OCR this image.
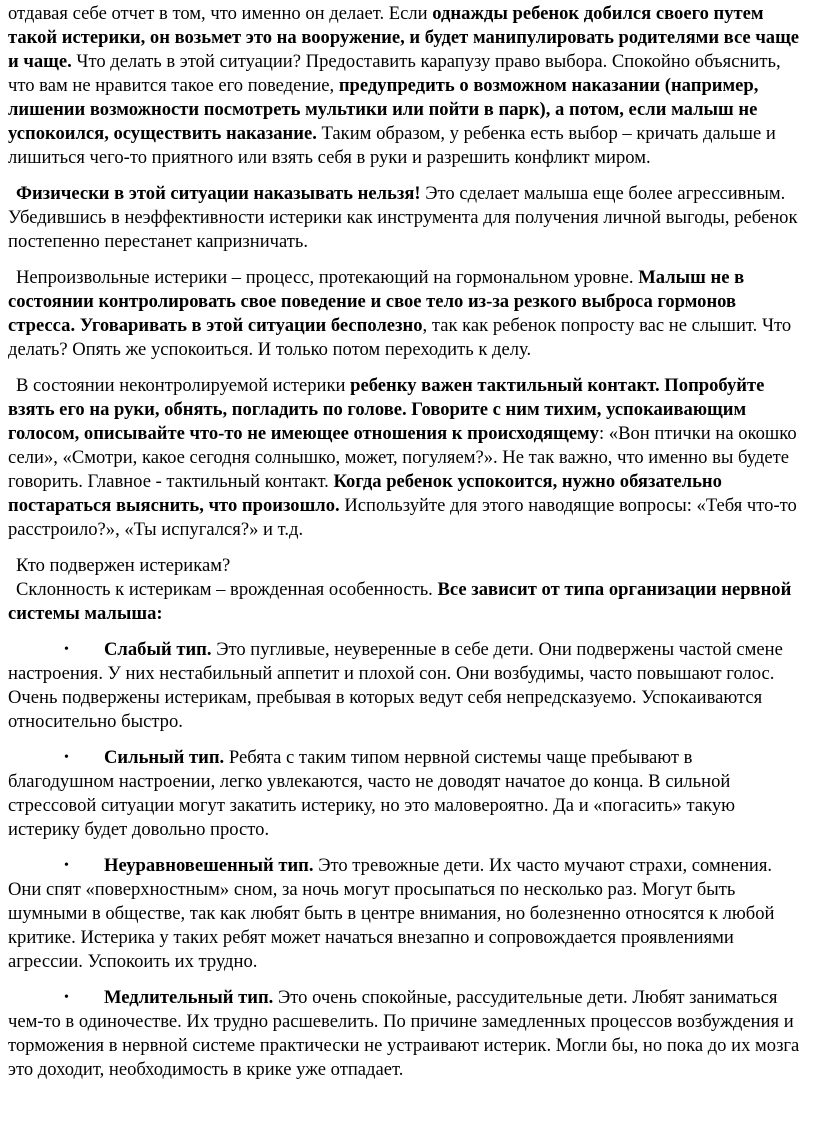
отдавая себе отчет в том, что именно он делает. Если однажды ребенок добился своего путем такой истерики, он возьмет это на вооружение, и будет манипулировать родителями все чаще и чаще. Что делать в этой ситуации? Предоставить карапузу право выбора. Спокойно объяснить, что вам не нравится такое его поведение, предупредить о возможном наказании (например, лишении возможности посмотреть мультики или пойти в парк), а потом, если малыш не успокоился, осуществить наказание. Таким образом, у ребенка есть выбор – кричать дальше и лишиться чего-то приятного или взять себя в руки и разрешить конфликт миром.

Физически в этой ситуации наказывать нельзя! Это сделает малыша еще более агрессивным. Убедившись в неэффективности истерики как инструмента для получения личной выгоды, ребенок постепенно перестанет капризничать.

Непроизвольные истерики – процесс, протекающий на гормональном уровне. Малыш не в состоянии контролировать свое поведение и свое тело из-за резкого выброса гормонов стресса. Уговаривать в этой ситуации бесполезно, так как ребенок попросту вас не слышит. Что делать? Опять же успокоиться. И только потом переходить к делу.

В состоянии неконтролируемой истерики ребенку важен тактильный контакт. Попробуйте взять его на руки, обнять, погладить по голове. Говорите с ним тихим, успокаивающим голосом, описывайте что-то не имеющее отношения к происходящему: «Вон птички на окошко сели», «Смотри, какое сегодня солнышко, может, погуляем?». Не так важно, что именно вы будете говорить. Главное - тактильный контакт. Когда ребенок успокоится, нужно обязательно постараться выяснить, что произошло. Используйте для этого наводящие вопросы: «Тебя что-то расстроило?», «Ты испугался?» и т.д.

Кто подвержен истерикам?

Склонность к истерикам – врожденная особенность. Все зависит от типа организации нервной системы малыша:

• Слабый тип. Это пугливые, неуверенные в себе дети. Они подвержены частой смене настроения. У них нестабильный аппетит и плохой сон. Они возбудимы, часто повышают голос. Очень подвержены истерикам, пребывая в которых ведут себя непредсказуемо. Успокаиваются относительно быстро.
• Сильный тип. Ребята с таким типом нервной системы чаще пребывают в благодушном настроении, легко увлекаются, часто не доводят начатое до конца. В сильной стрессовой ситуации могут закатить истерику, но это маловероятно. Да и «погасить» такую истерику будет довольно просто.
• Неуравновешенный тип. Это тревожные дети. Их часто мучают страхи, сомнения. Они спят «поверхностным» сном, за ночь могут просыпаться по несколько раз. Могут быть шумными в обществе, так как любят быть в центре внимания, но болезненно относятся к любой критике. Истерика у таких ребят может начаться внезапно и сопровождается проявлениями агрессии. Успокоить их трудно.
• Медлительный тип. Это очень спокойные, рассудительные дети. Любят заниматься чем-то в одиночестве. Их трудно расшевелить. По причине замедленных процессов возбуждения и торможения в нервной системе практически не устраивают истерик. Могли бы, но пока до их мозга это доходит, необходимость в крике уже отпадает.
